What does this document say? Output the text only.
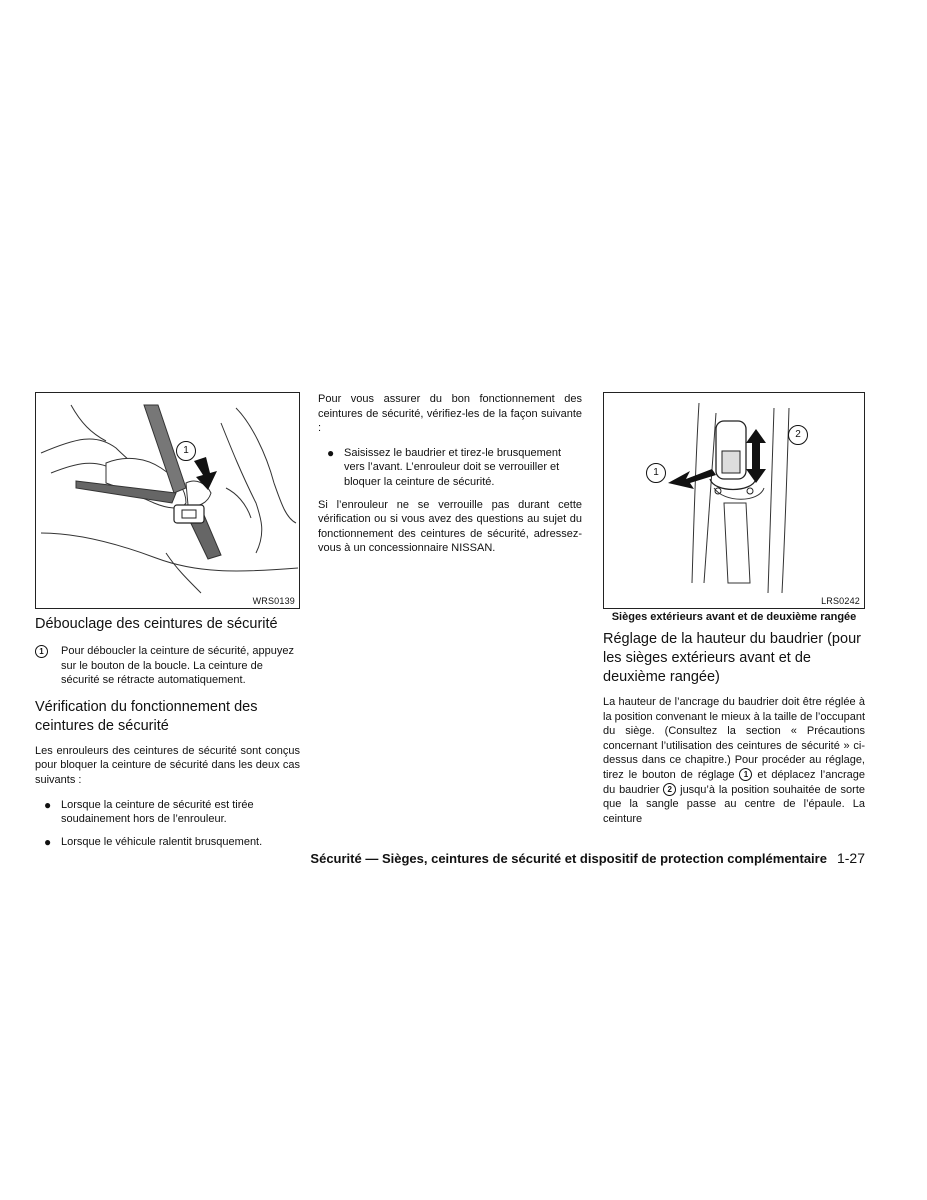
1
WRS0139
Débouclage des ceintures de sécurité
1	Pour déboucler la ceinture de sécurité, appuyez sur le bouton de la boucle. La ceinture de sécurité se rétracte automatiquement.
Vérification du fonctionnement des ceintures de sécurité

Les enrouleurs des ceintures de sécurité sont conçus pour bloquer la ceinture de sécurité dans les deux cas suivants :

● Lorsque la ceinture de sécurité est tirée soudainement hors de l’enrouleur.
● Lorsque le véhicule ralentit brusquement.

Pour vous assurer du bon fonctionnement des ceintures de sécurité, vérifiez-les de la façon suivante :

● Saisissez le baudrier et tirez-le brusquement vers l’avant. L’enrouleur doit se verrouiller et bloquer la ceinture de sécurité.

Si l’enrouleur ne se verrouille pas durant cette vérification ou si vous avez des questions au sujet du fonctionnement des ceintures de sécurité, adressez-vous à un concessionnaire NISSAN.

1
2
LRS0242
Sièges extérieurs avant et de deuxième rangée
Réglage de la hauteur du baudrier (pour les sièges extérieurs avant et de deuxième rangée)

La hauteur de l’ancrage du baudrier doit être réglée à la position convenant le mieux à la taille de l’occupant du siège. (Consultez la section « Précautions concernant l’utilisation des ceintures de sécurité » ci-dessus dans ce chapitre.) Pour procéder au réglage, tirez le bouton de réglage 1 et déplacez l’ancrage du baudrier 2 jusqu’à la position souhaitée de sorte que la sangle passe au centre de l’épaule. La ceinture

Sécurité — Sièges, ceintures de sécurité et dispositif de protection complémentaire 1-27
